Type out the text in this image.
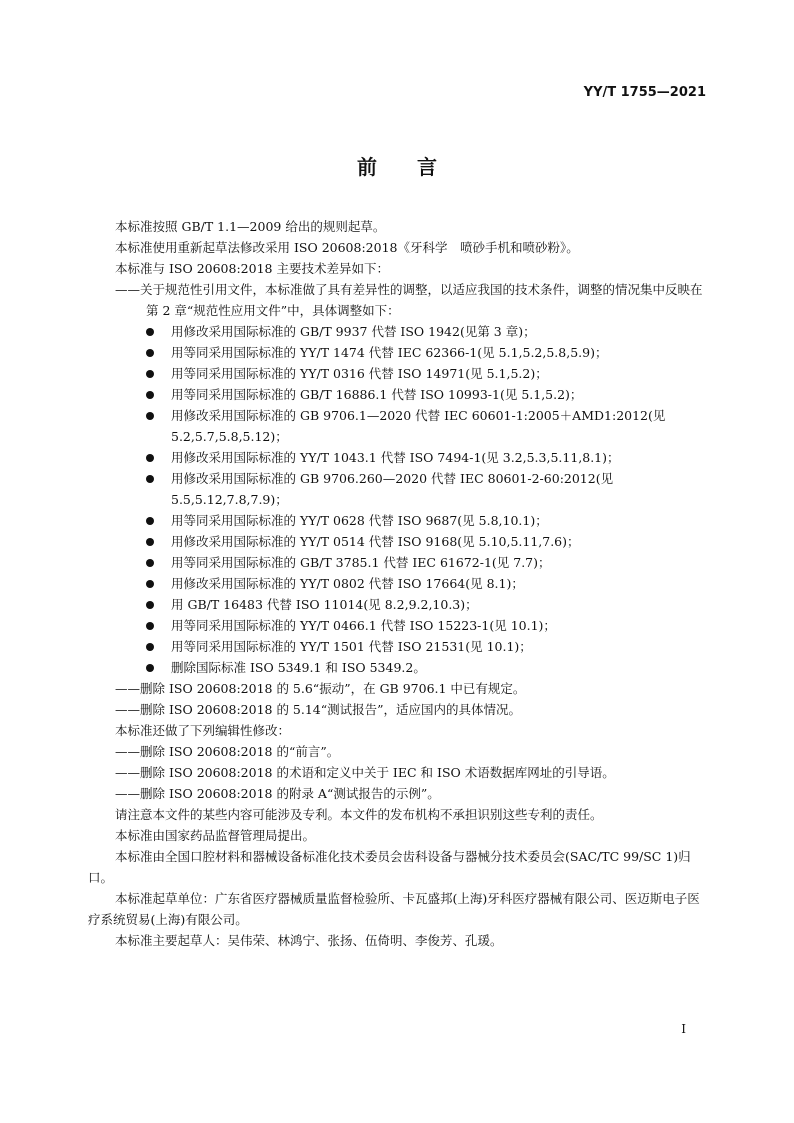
YY/T 1755—2021
前言
本标准按照 GB/T 1.1—2009 给出的规则起草。
本标准使用重新起草法修改采用 ISO 20608:2018《牙科学　喷砂手机和喷砂粉》。
本标准与 ISO 20608:2018 主要技术差异如下：
——关于规范性引用文件，本标准做了具有差异性的调整，以适应我国的技术条件，调整的情况集中反映在第 2 章“规范性应用文件”中，具体调整如下：
用修改采用国际标准的 GB/T 9937 代替 ISO 1942(见第 3 章)；
用等同采用国际标准的 YY/T 1474 代替 IEC 62366-1(见 5.1,5.2,5.8,5.9)；
用等同采用国际标准的 YY/T 0316 代替 ISO 14971(见 5.1,5.2)；
用等同采用国际标准的 GB/T 16886.1 代替 ISO 10993-1(见 5.1,5.2)；
用修改采用国际标准的 GB 9706.1—2020 代替 IEC 60601-1:2005＋AMD1:2012(见 5.2,5.7,5.8,5.12)；
用修改采用国际标准的 YY/T 1043.1 代替 ISO 7494-1(见 3.2,5.3,5.11,8.1)；
用修改采用国际标准的 GB 9706.260—2020 代替 IEC 80601-2-60:2012(见 5.5,5.12,7.8,7.9)；
用等同采用国际标准的 YY/T 0628 代替 ISO 9687(见 5.8,10.1)；
用修改采用国际标准的 YY/T 0514 代替 ISO 9168(见 5.10,5.11,7.6)；
用等同采用国际标准的 GB/T 3785.1 代替 IEC 61672-1(见 7.7)；
用修改采用国际标准的 YY/T 0802 代替 ISO 17664(见 8.1)；
用 GB/T 16483 代替 ISO 11014(见 8.2,9.2,10.3)；
用等同采用国际标准的 YY/T 0466.1 代替 ISO 15223-1(见 10.1)；
用等同采用国际标准的 YY/T 1501 代替 ISO 21531(见 10.1)；
删除国际标准 ISO 5349.1 和 ISO 5349.2。
——删除 ISO 20608:2018 的 5.6“振动”，在 GB 9706.1 中已有规定。
——删除 ISO 20608:2018 的 5.14“测试报告”，适应国内的具体情况。
本标准还做了下列编辑性修改：
——删除 ISO 20608:2018 的“前言”。
——删除 ISO 20608:2018 的术语和定义中关于 IEC 和 ISO 术语数据库网址的引导语。
——删除 ISO 20608:2018 的附录 A“测试报告的示例”。
请注意本文件的某些内容可能涉及专利。本文件的发布机构不承担识别这些专利的责任。
本标准由国家药品监督管理局提出。
本标准由全国口腔材料和器械设备标准化技术委员会齿科设备与器械分技术委员会(SAC/TC 99/SC 1)归口。
本标准起草单位：广东省医疗器械质量监督检验所、卡瓦盛邦(上海)牙科医疗器械有限公司、医迈斯电子医疗系统贸易(上海)有限公司。
本标准主要起草人：吴伟荣、林鸿宁、张扬、伍倚明、李俊芳、孔瑗。
I
